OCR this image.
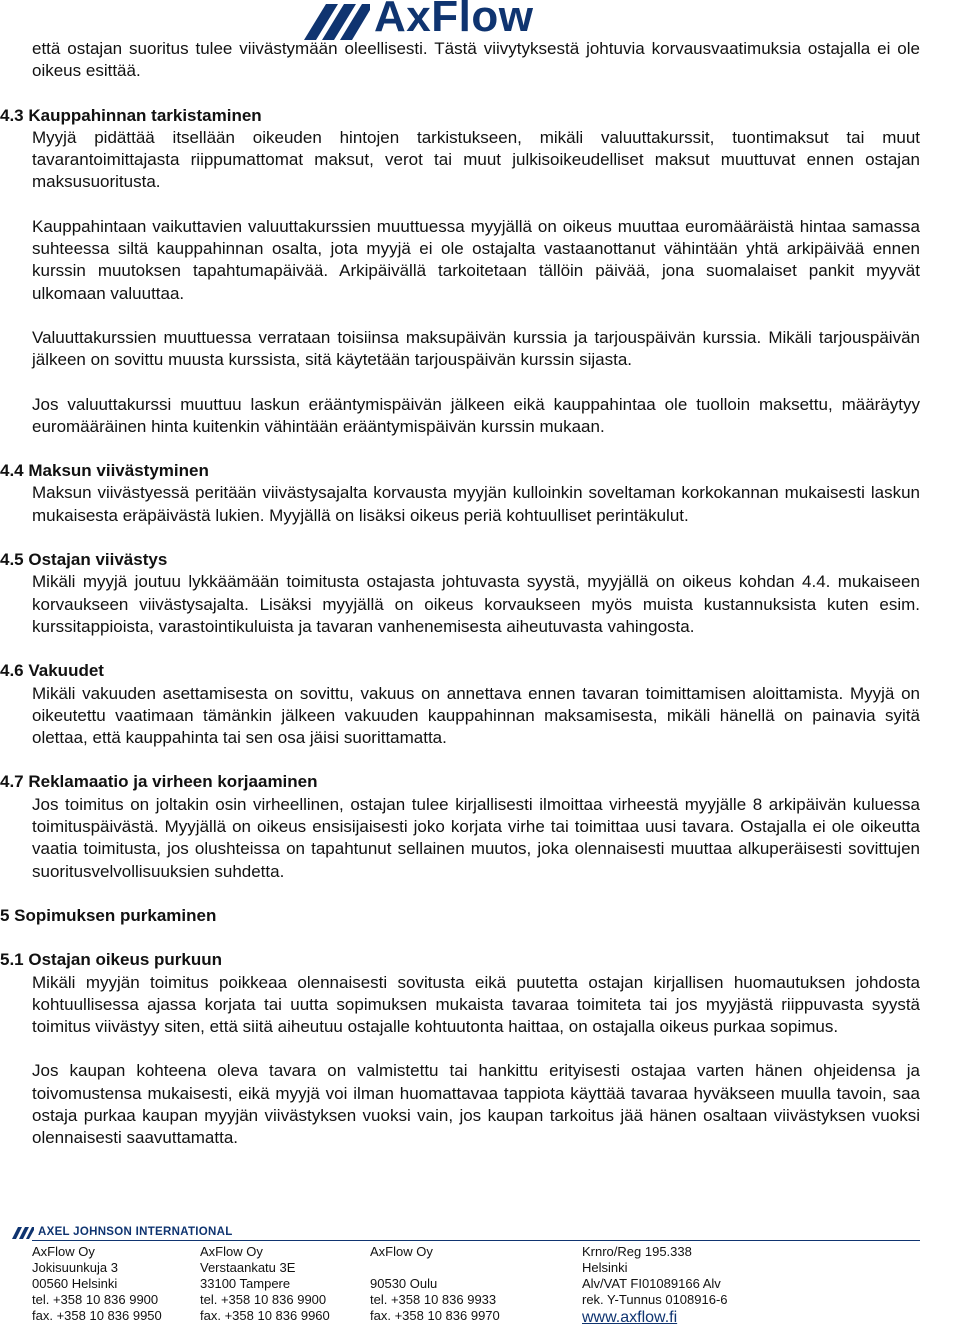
AxFlow

että ostajan suoritus tulee viivästymään oleellisesti. Tästä viivytyksestä johtuvia korvausvaatimuksia ostajalla ei ole oikeus esittää.

4.3 Kauppahinnan tarkistaminen

Myyjä pidättää itsellään oikeuden hintojen tarkistukseen, mikäli valuuttakurssit, tuontimaksut tai muut tavarantoimittajasta riippumattomat maksut, verot tai muut julkisoikeudelliset maksut muuttuvat ennen ostajan maksusuoritusta.

Kauppahintaan vaikuttavien valuuttakurssien muuttuessa myyjällä on oikeus muuttaa euromääräistä hintaa samassa suhteessa siltä kauppahinnan osalta, jota myyjä ei ole ostajalta vastaanottanut vähintään yhtä arkipäivää ennen kurssin muutoksen tapahtumapäivää. Arkipäivällä tarkoitetaan tällöin päivää, jona suomalaiset pankit myyvät ulkomaan valuuttaa.

Valuuttakurssien muuttuessa verrataan toisiinsa maksupäivän kurssia ja tarjouspäivän kurssia. Mikäli tarjouspäivän jälkeen on sovittu muusta kurssista, sitä käytetään tarjouspäivän kurssin sijasta.

Jos valuuttakurssi muuttuu laskun erääntymispäivän jälkeen eikä kauppahintaa ole tuolloin maksettu, määräytyy euromääräinen hinta kuitenkin vähintään erääntymispäivän kurssin mukaan.

4.4 Maksun viivästyminen

Maksun viivästyessä peritään viivästysajalta korvausta myyjän kulloinkin soveltaman korkokannan mukaisesti laskun mukaisesta eräpäivästä lukien. Myyjällä on lisäksi oikeus periä kohtuulliset perintäkulut.

4.5 Ostajan viivästys

Mikäli myyjä joutuu lykkäämään toimitusta ostajasta johtuvasta syystä, myyjällä on oikeus kohdan 4.4. mukaiseen korvaukseen viivästysajalta. Lisäksi myyjällä on oikeus korvaukseen myös muista kustannuksista kuten esim. kurssitappioista, varastointikuluista ja tavaran vanhenemisesta aiheutuvasta vahingosta.

4.6 Vakuudet

Mikäli vakuuden asettamisesta on sovittu, vakuus on annettava ennen tavaran toimittamisen aloittamista. Myyjä on oikeutettu vaatimaan tämänkin jälkeen vakuuden kauppahinnan maksamisesta, mikäli hänellä on painavia syitä olettaa, että kauppahinta tai sen osa jäisi suorittamatta.

4.7 Reklamaatio ja virheen korjaaminen

Jos toimitus on joltakin osin virheellinen, ostajan tulee kirjallisesti ilmoittaa virheestä myyjälle 8 arkipäivän kuluessa toimituspäivästä. Myyjällä on oikeus ensisijaisesti joko korjata virhe tai toimittaa uusi tavara. Ostajalla ei ole oikeutta vaatia toimitusta, jos olushteissa on tapahtunut sellainen muutos, joka olennaisesti muuttaa alkuperäisesti sovittujen suoritusvelvollisuuksien suhdetta.

5 Sopimuksen purkaminen

5.1 Ostajan oikeus purkuun

Mikäli myyjän toimitus poikkeaa olennaisesti sovitusta eikä puutetta ostajan kirjallisen huomautuksen johdosta kohtuullisessa ajassa korjata tai uutta sopimuksen mukaista tavaraa toimiteta tai jos myyjästä riippuvasta syystä toimitus viivästyy siten, että siitä aiheutuu ostajalle kohtuutonta haittaa, on ostajalla oikeus purkaa sopimus.

Jos kaupan kohteena oleva tavara on valmistettu tai hankittu erityisesti ostajaa varten hänen ohjeidensa ja toivomustensa mukaisesti, eikä myyjä voi ilman huomattavaa tappiota käyttää tavaraa hyväkseen muulla tavoin, saa ostaja purkaa kaupan myyjän viivästyksen vuoksi vain, jos kaupan tarkoitus jää hänen osaltaan viivästyksen vuoksi olennaisesti saavuttamatta.

AXEL JOHNSON INTERNATIONAL
AxFlow Oy
Jokisuunkuja 3
00560 Helsinki
tel. +358 10 836 9900
fax. +358 10 836 9950
AxFlow Oy
Verstaankatu 3E
33100 Tampere
tel. +358 10 836 9900
fax. +358 10 836 9960
AxFlow Oy

90530 Oulu
tel. +358 10 836 9933
fax. +358 10 836 9970
Krnro/Reg 195.338
Helsinki
Alv/VAT FI01089166 Alv
rek. Y-Tunnus 0108916-6
www.axflow.fi
